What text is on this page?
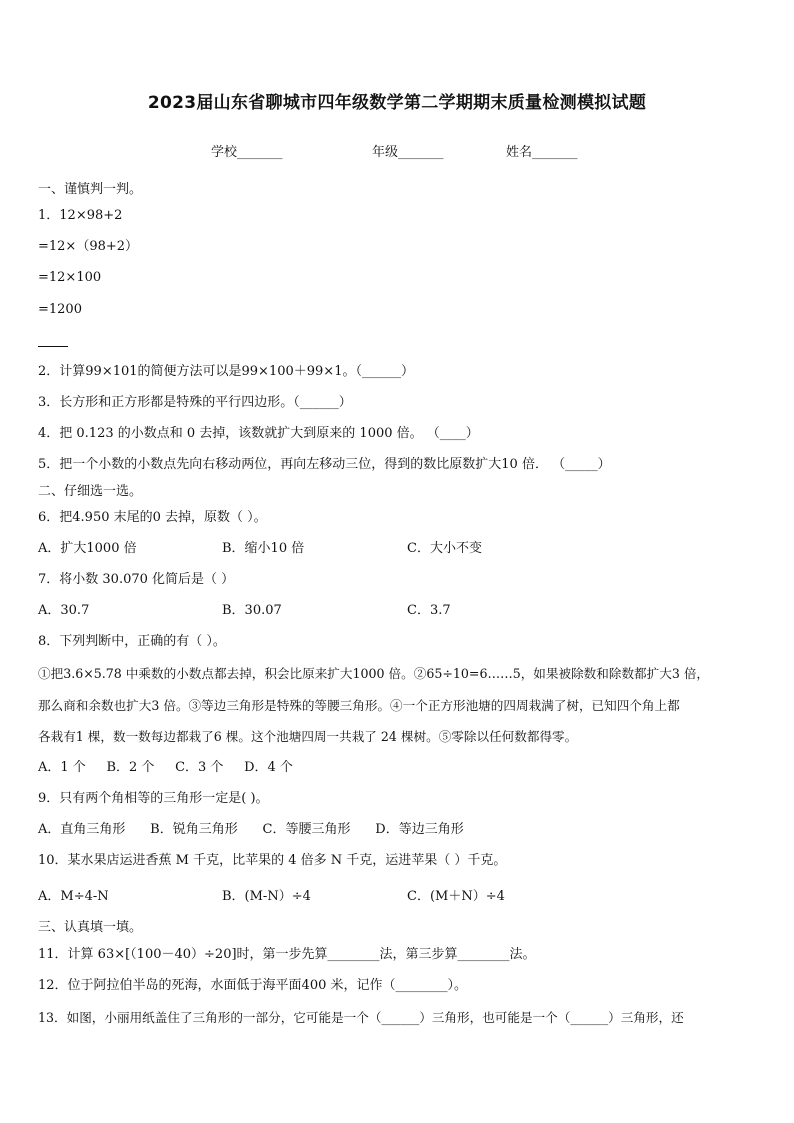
2023届山东省聊城市四年级数学第二学期期末质量检测模拟试题
学校_______	年级_______	姓名_______
一、谨慎判一判。
1．12×98+2
=12×（98+2）
=12×100
=1200
2．计算99×101的简便方法可以是99×100＋99×1。（______）
3．长方形和正方形都是特殊的平行四边形。（______）
4．把 0.123 的小数点和 0 去掉，该数就扩大到原来的 1000 倍。 （____）
5．把一个小数的小数点先向右移动两位，再向左移动三位，得到的数比原数扩大10 倍． （_____）
二、仔细选一选。
6．把4.950 末尾的0 去掉，原数（ ）。
A．扩大1000 倍	B．缩小10 倍	C．大小不变
7．将小数 30.070 化简后是（ ）
A．30.7	B．30.07	C．3.7
8．下列判断中，正确的有（ ）。
①把3.6×5.78 中乘数的小数点都去掉，积会比原来扩大1000 倍。②65÷10=6……5，如果被除数和除数都扩大3 倍，
那么商和余数也扩大3 倍。③等边三角形是特殊的等腰三角形。④一个正方形池塘的四周栽满了树，已知四个角上都
各栽有1 棵，数一数每边都栽了6 棵。这个池塘四周一共栽了 24 棵树。⑤零除以任何数都得零。
A．1 个     B．2 个     C．3 个     D．4 个
9．只有两个角相等的三角形一定是( )。
A．直角三角形      B．锐角三角形      C．等腰三角形      D．等边三角形
10．某水果店运进香蕉 M 千克，比苹果的 4 倍多 N 千克，运进苹果（ ）千克。
A．M÷4-N	B．(M-N）÷4	C．(M＋N）÷4
三、认真填一填。
11．计算 63×[（100－40）÷20]时，第一步先算________法，第三步算________法。
12．位于阿拉伯半岛的死海，水面低于海平面400 米，记作（________）。
13．如图，小丽用纸盖住了三角形的一部分，它可能是一个（______）三角形，也可能是一个（______）三角形，还
